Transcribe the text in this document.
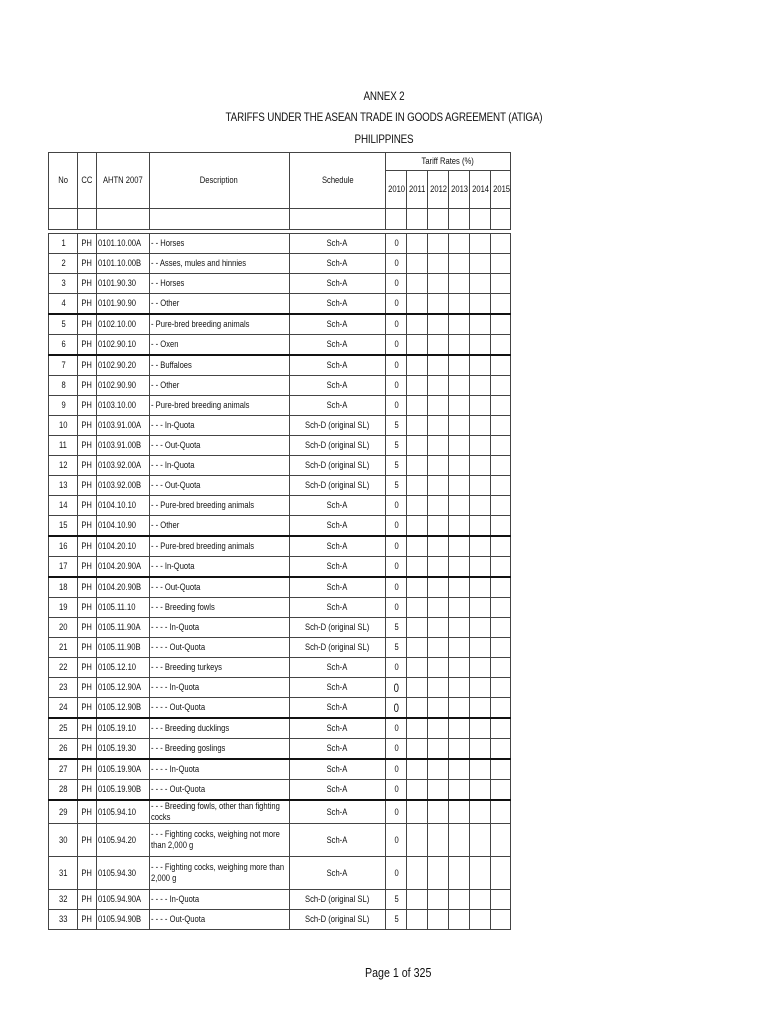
ANNEX 2
TARIFFS UNDER THE ASEAN TRADE IN GOODS AGREEMENT (ATIGA)
PHILIPPINES
No	CC	AHTN 2007	Description	Schedule	Tariff Rates (%)					
					2010	2011	2012	2013	2014	2015

1	PH	0101.10.00A	- - Horses	Sch-A	0					
2	PH	0101.10.00B	- - Asses, mules and hinnies	Sch-A	0					
3	PH	0101.90.30	- - Horses	Sch-A	0					
4	PH	0101.90.90	- - Other	Sch-A	0					
5	PH	0102.10.00	- Pure-bred breeding animals	Sch-A	0					
6	PH	0102.90.10	- - Oxen	Sch-A	0					
7	PH	0102.90.20	- - Buffaloes	Sch-A	0					
8	PH	0102.90.90	- - Other	Sch-A	0					
9	PH	0103.10.00	- Pure-bred breeding animals	Sch-A	0					
10	PH	0103.91.00A	- - - In-Quota	Sch-D (original SL)	5					
11	PH	0103.91.00B	- - - Out-Quota	Sch-D (original SL)	5					
12	PH	0103.92.00A	- - - In-Quota	Sch-D (original SL)	5					
13	PH	0103.92.00B	- - - Out-Quota	Sch-D (original SL)	5					
14	PH	0104.10.10	- - Pure-bred breeding animals	Sch-A	0					
15	PH	0104.10.90	- - Other	Sch-A	0					
16	PH	0104.20.10	- - Pure-bred breeding animals	Sch-A	0					
17	PH	0104.20.90A	- - - In-Quota	Sch-A	0					
18	PH	0104.20.90B	- - - Out-Quota	Sch-A	0					
19	PH	0105.11.10	- - - Breeding fowls	Sch-A	0					
20	PH	0105.11.90A	- - - - In-Quota	Sch-D (original SL)	5					
21	PH	0105.11.90B	- - - - Out-Quota	Sch-D (original SL)	5					
22	PH	0105.12.10	- - - Breeding turkeys	Sch-A	0					
23	PH	0105.12.90A	- - - - In-Quota	Sch-A	0					
24	PH	0105.12.90B	- - - - Out-Quota	Sch-A	0					
25	PH	0105.19.10	- - - Breeding ducklings	Sch-A	0					
26	PH	0105.19.30	- - - Breeding goslings	Sch-A	0					
27	PH	0105.19.90A	- - - - In-Quota	Sch-A	0					
28	PH	0105.19.90B	- - - - Out-Quota	Sch-A	0					
29	PH	0105.94.10	- - - Breeding fowls, other than fighting cocks	Sch-A	0					
30	PH	0105.94.20	- - - Fighting cocks, weighing not more than 2,000 g	Sch-A	0					
31	PH	0105.94.30	- - - Fighting cocks, weighing more than 2,000 g	Sch-A	0					
32	PH	0105.94.90A	- - - - In-Quota	Sch-D (original SL)	5					
33	PH	0105.94.90B	- - - - Out-Quota	Sch-D (original SL)	5					
Page 1 of 325
